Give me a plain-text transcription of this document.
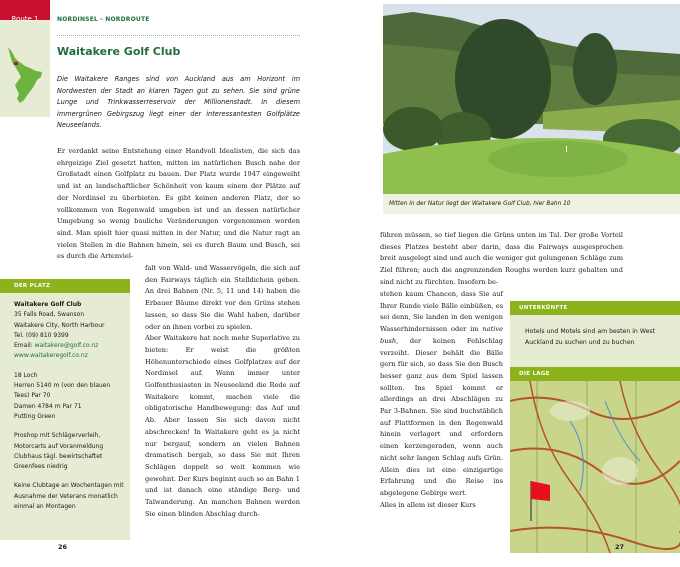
Route 1	NORDINSEL - NORDROUTE
Waitakere Golf Club
Die Waitakere Ranges sind von Auckland aus am Horizont im Nordwesten der Stadt an klaren Tagen gut zu sehen. Sie sind grüne Lunge und Trinkwasserreservoir der Millionenstadt. In diesem immergrünen Gebirgszug liegt einer der interessantesten Golfplätze Neuseelands.
Er verdankt seine Entstehung einer Handvoll Idealisten, die sich das ehrgeizige Ziel gesetzt hatten, mitten im natürlichen Busch nahe der Großstadt einen Golfplatz zu bauen. Der Platz wurde 1947 eingeweiht und ist an landschaftlicher Schönheit von kaum einem der Plätze auf der Nordinsel zu überbieten. Es gibt keinen anderen Platz, der so vollkommen von Regenwald umgeben ist und an dessen natürlicher Umgebung so wenig bauliche Veränderungen vorgenommen worden sind. Man spielt hier quasi mitten in der Natur, und die Natur ragt an vielen Stellen in die Bahnen hinein, sei es durch Baum und Busch, sei es durch die Artenviel-
falt von Wald- und Wasservögeln, die sich auf den Fairways täglich ein Stelldichein geben. An drei Bahnen (Nr. 5, 11 und 14) haben die Erbauer Bäume direkt vor den Grüns stehen lassen, so dass Sie die Wahl haben, darüber oder an ihnen vorbei zu spielen.
Aber Waitakere hat noch mehr Superlative zu bieten: Er weist die größten Höhenunterschiede eines Golfplatzes auf der Nordinsel auf. Wann immer unter Golfenthusiasten in Neuseeland die Rede auf Waitakere kommt, machen viele die obligatorische Handbewegung: das Auf und Ab. Aber lassen Sie sich davon nicht abschrecken! In Waitakere geht es ja nicht nur bergauf, sondern an vielen Bahnen dramatisch bergab, so dass Sie mit Ihren Schlägen doppelt so weit kommen wie gewohnt. Der Kurs beginnt auch so an Bahn 1 und ist danach eine ständige Berg- und Talwanderung. An manchen Bahnen werden Sie einen blinden Abschlag durch-
DER PLATZ

Waitakere Golf Club
35 Falls Road, Swanson
Waitakere City, North Harbour
Tel. (09) 810 9399
Email: waitakere@golf.co.nz
www.waitakeregolf.co.nz

18 Loch
Herren 5140 m (von den blauen Tees) Par 70
Damen 4784 m Par 71
Putting Green

Proshop mit Schlägerverleih, Motorcarts auf Voranmeldung Clubhaus tägl. bewirtschaftet Greenfees niedrig

Keine Clubtage an Wochentagen mit Ausnahme der Veterans monatlich einmal an Montagen

26
Mitten in der Natur liegt der Waitakere Golf Club, hier Bahn 10
führen müssen, so tief liegen die Grüns unten im Tal. Der große Vorteil dieses Platzes besteht aber darin, dass die Fairways ausgesprochen breit ausgelegt sind und auch die weniger gut gelungenen Schläge zum Ziel führen; auch die angrenzenden Roughs werden kurz gehalten und sind nicht zu fürchten. Insofern be-
stehen kaum Chancen, dass Sie auf Ihrer Runde viele Bälle einbüßen, es sei denn, Sie landen in den wenigen Wasserhindernissen oder im native bush, der keinen Fehlschlag verzeiht. Dieser behält die Bälle gern für sich, so dass Sie den Busch besser ganz aus dem Spiel lassen sollten. Ins Spiel kommt er allerdings an drei Abschlägen zu Par 3-Bahnen. Sie sind buchstäblich auf Plattformen in den Regenwald hinein verlagert und erfordern einen kerzengeraden, wenn auch nicht sehr langen Schlag aufs Grün. Allein dies ist eine einzigartige Erfahrung und die Reise ins abgelegene Gebirge wert.
Alles in allem ist dieser Kurs
UNTERKÜNFTE
Hotels und Motels sind am besten in West Auckland zu suchen und zu buchen
DIE LAGE
27
